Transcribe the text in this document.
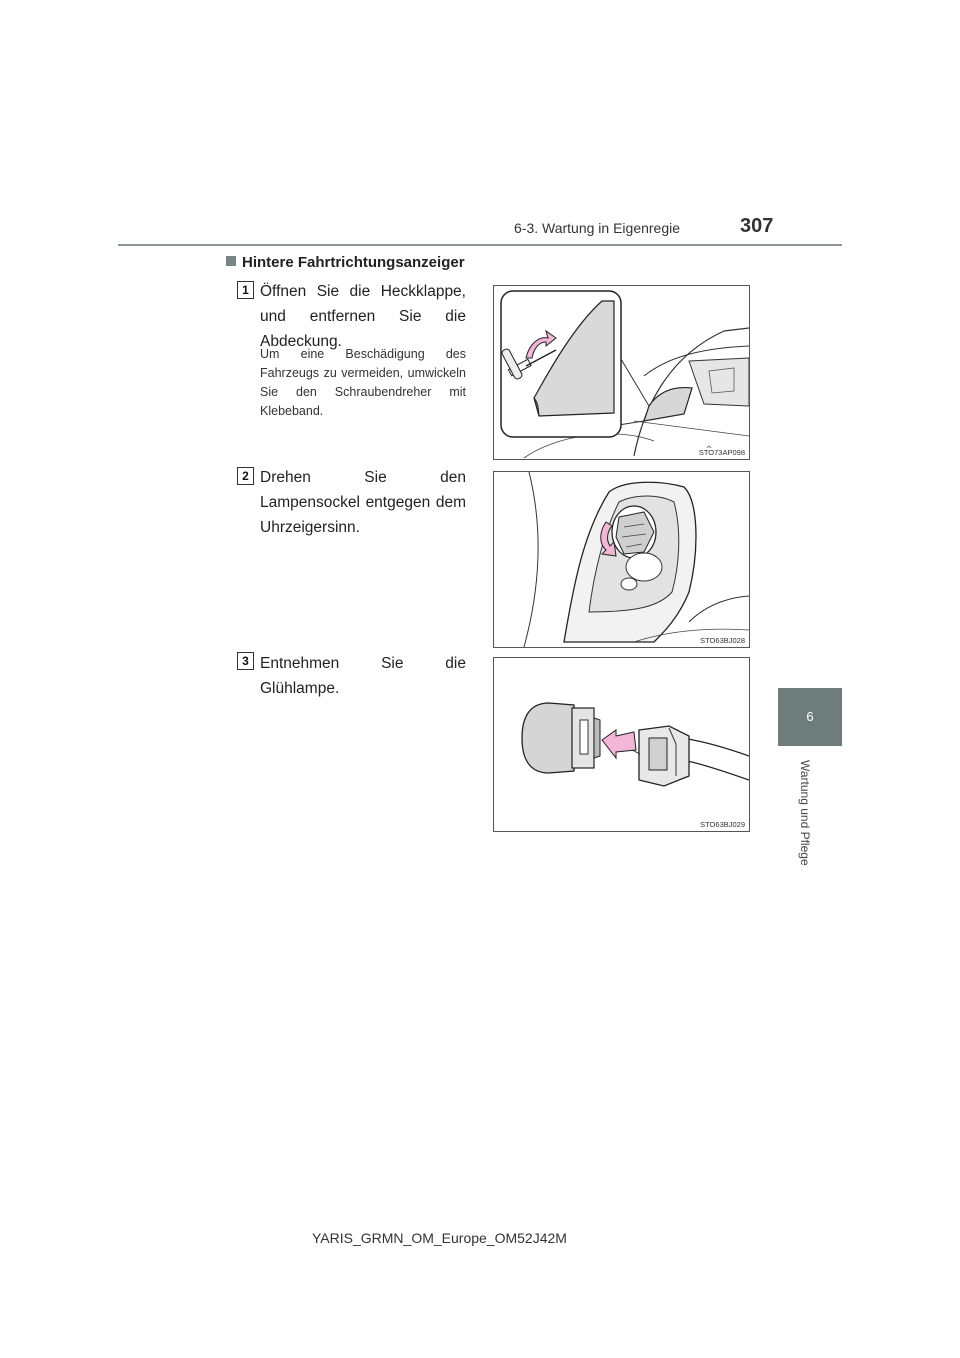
6-3. Wartung in Eigenregie	307
6
Wartung und Pflege
Hintere Fahrtrichtungsanzeiger
1 Öffnen Sie die Heckklappe, und entfernen Sie die Abdeckung.
Um eine Beschädigung des Fahrzeugs zu vermeiden, umwickeln Sie den Schraubendreher mit Klebeband.
STO73AP098
2 Drehen Sie den Lampensockel entgegen dem Uhrzeigersinn.
STO63BJ028
3 Entnehmen Sie die Glühlampe.
STO63BJ029
YARIS_GRMN_OM_Europe_OM52J42M
